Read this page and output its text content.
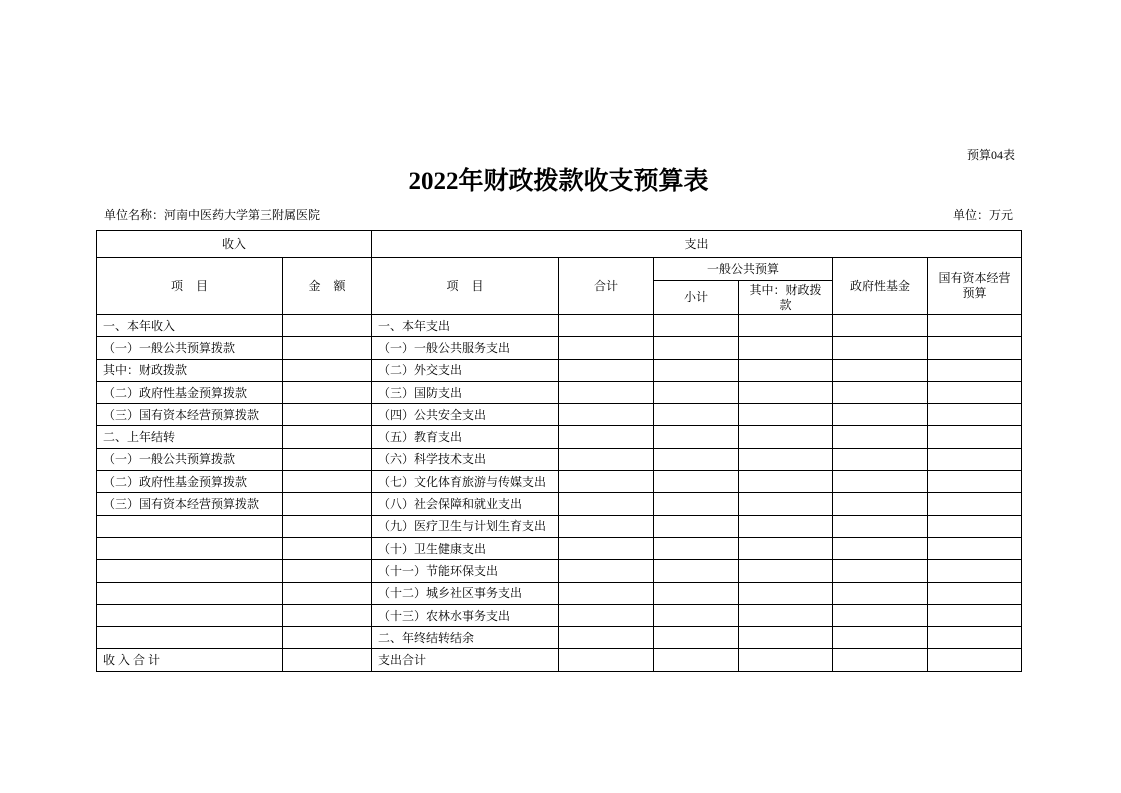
预算04表
2022年财政拨款收支预算表
单位名称：河南中医药大学第三附属医院	单位：万元
收入		支出					
项 目	金 额	项 目	合计	一般公共预算		政府性基金	国有资本经营预算
				小计	其中：财政拨款		
一、本年收入		一、本年支出					
（一）一般公共预算拨款		（一）一般公共服务支出					
其中：财政拨款		（二）外交支出					
（二）政府性基金预算拨款		（三）国防支出					
（三）国有资本经营预算拨款		（四）公共安全支出					
二、上年结转		（五）教育支出					
（一）一般公共预算拨款		（六）科学技术支出					
（二）政府性基金预算拨款		（七）文化体育旅游与传媒支出					
（三）国有资本经营预算拨款		（八）社会保障和就业支出					
		（九）医疗卫生与计划生育支出					
		（十）卫生健康支出					
		（十一）节能环保支出					
		（十二）城乡社区事务支出					
		（十三）农林水事务支出					
		二、年终结转结余					
收 入 合 计		支出合计					
